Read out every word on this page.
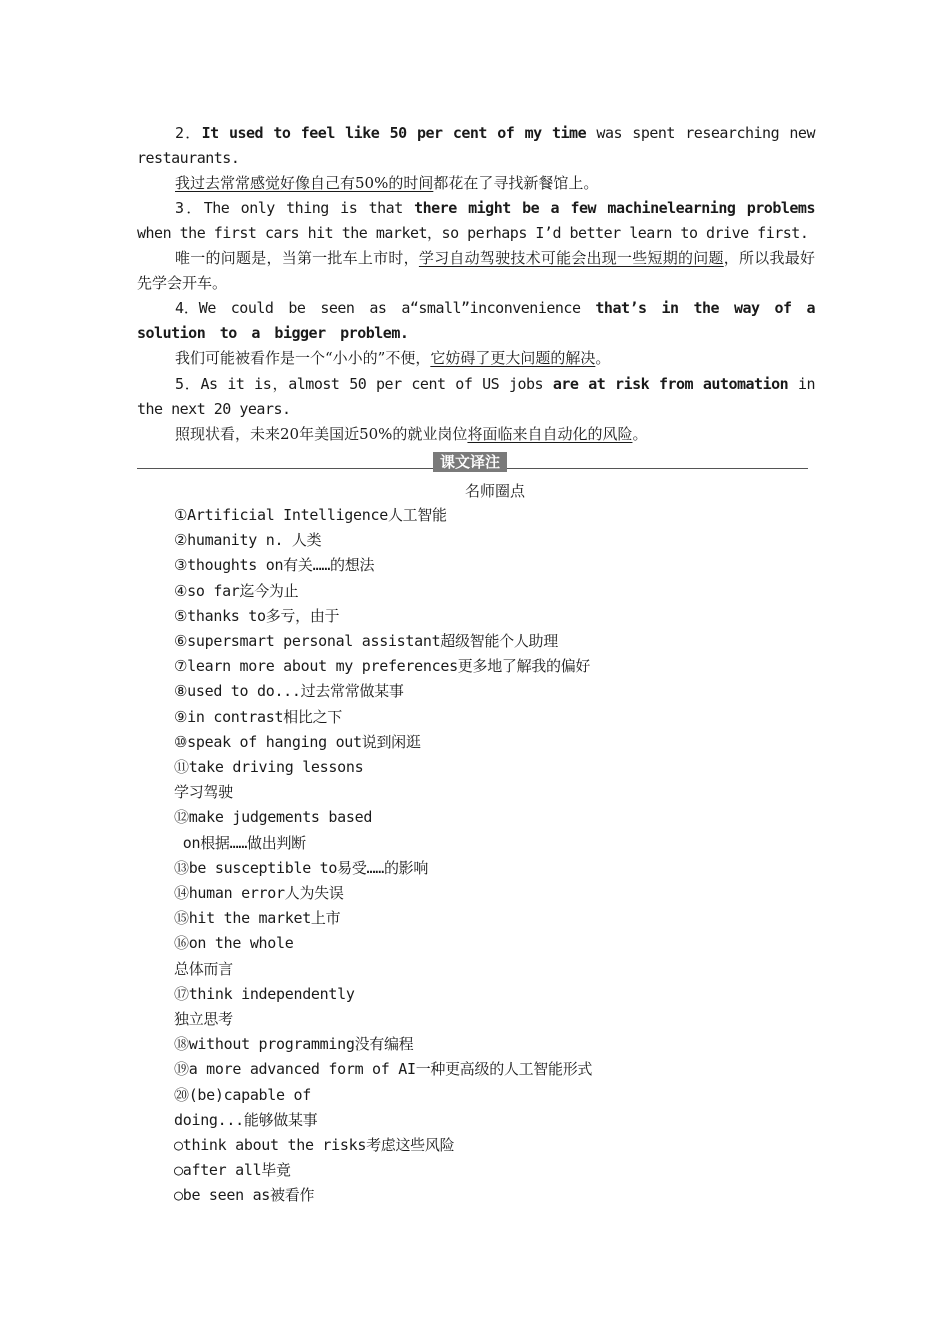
2．It used to feel like 50 per cent of my time was spent researching new restaurants.
我过去常常感觉好像自己有50%的时间都花在了寻找新餐馆上。
3．The only thing is that there might be a few machinelearning problems when the first cars hit the market，so perhaps I’d better learn to drive first.
唯一的问题是，当第一批车上市时，学习自动驾驶技术可能会出现一些短期的问题，所以我最好先学会开车。
4．We could be seen as a“small”inconvenience that’s in the way of a solution to a bigger problem.
我们可能被看作是一个“小小的”不便，它妨碍了更大问题的解决。
5．As it is，almost 50 per cent of US jobs are at risk from automation in the next 20 years.
照现状看，未来20年美国近50%的就业岗位将面临来自自动化的风险。
课文译注
名师圈点
①Artificial Intelligence人工智能
②humanity n. 人类
③thoughts on有关……的想法
④so far迄今为止
⑤thanks to多亏，由于
⑥supersmart personal assistant超级智能个人助理
⑦learn more about my preferences更多地了解我的偏好
⑧used to do...过去常常做某事
⑨in contrast相比之下
⑩speak of hanging out说到闲逛
⑪take driving lessons
学习驾驶
⑫make judgements based
on根据……做出判断
⑬be susceptible to易受……的影响
⑭human error人为失误
⑮hit the market上市
⑯on the whole
总体而言
⑰think independently
独立思考
⑱without programming没有编程
⑲a more advanced form of AI一种更高级的人工智能形式
⑳(be)capable of
doing...能够做某事
○think about the risks考虑这些风险
○after all毕竟
○be seen as被看作
